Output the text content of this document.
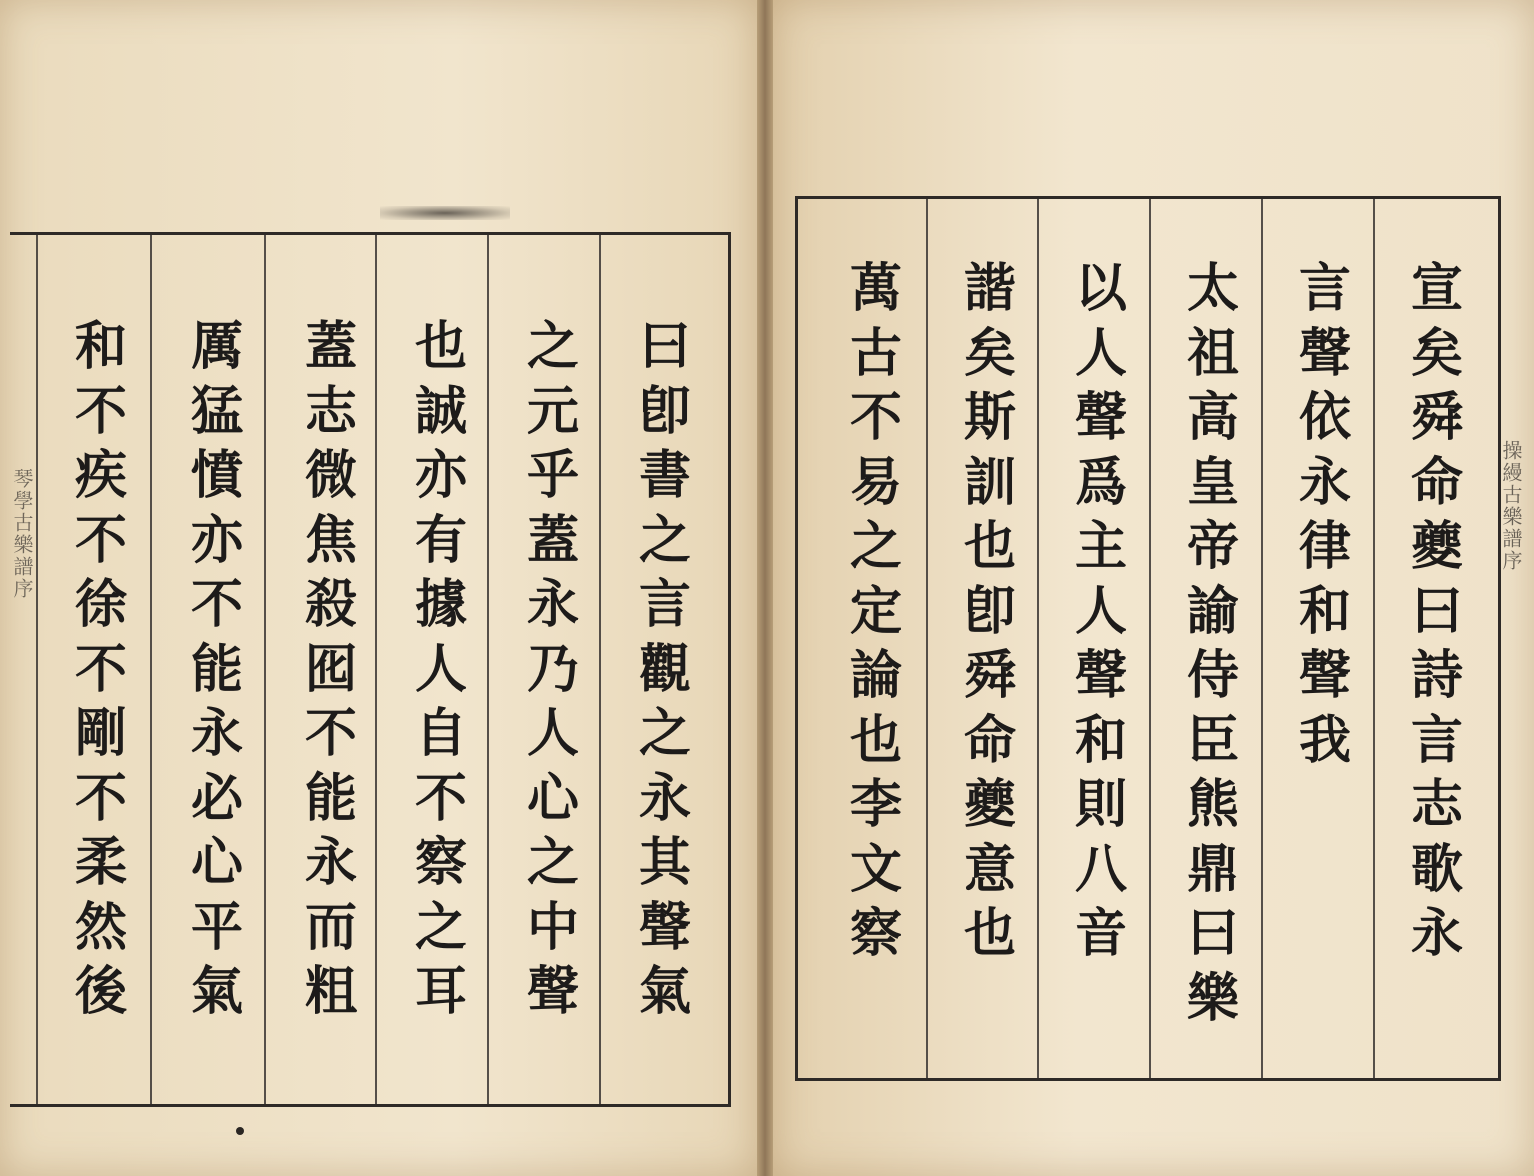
曰
卽
書
之
言
觀
之
永
其
聲
氣
之
元
乎
蓋
永
乃
人
心
之
中
聲
也
誠
亦
有
據
人
自
不
察
之
耳
蓋
志
微
焦
殺
囮
不
能
永
而
粗
厲
猛
憤
亦
不
能
永
必
心
平
氣
和
不
疾
不
徐
不
剛
不
柔
然
後
琴學古樂譜序
宣
矣
舜
命
夔
曰
詩
言
志
歌
永
言
聲
依
永
律
和
聲
我
太
祖
高
皇
帝
諭
侍
臣
熊
鼎
曰
樂
以
人
聲
爲
主
人
聲
和
則
八
音
諧
矣
斯
訓
也
卽
舜
命
夔
意
也
萬
古
不
易
之
定
論
也
李
文
察
操縵古樂譜序
